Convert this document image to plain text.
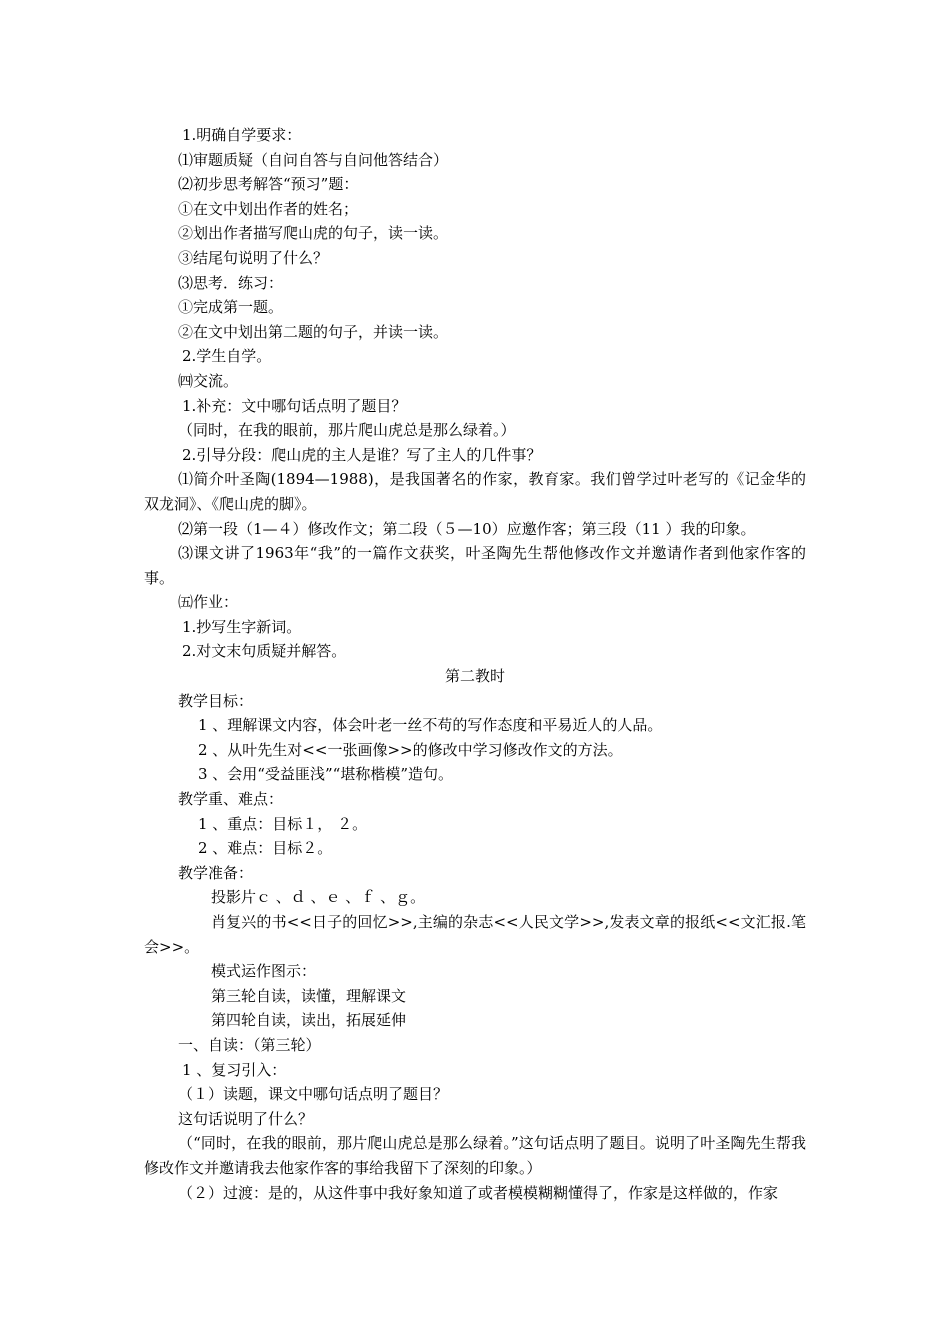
1.明确自学要求：
⑴审题质疑（自问自答与自问他答结合）
⑵初步思考解答“预习”题：
①在文中划出作者的姓名；
②划出作者描写爬山虎的句子，读一读。
③结尾句说明了什么？
⑶思考．练习：
①完成第一题。
②在文中划出第二题的句子，并读一读。
2.学生自学。
㈣交流。
1.补充：文中哪句话点明了题目？
（同时，在我的眼前，那片爬山虎总是那么绿着。）
2.引导分段：爬山虎的主人是谁？写了主人的几件事？
⑴简介叶圣陶(1894—1988)，是我国著名的作家，教育家。我们曾学过叶老写的《记金华的双龙洞》、《爬山虎的脚》。
⑵第一段（1—４）修改作文；第二段（５—10）应邀作客；第三段（11 ）我的印象。
⑶课文讲了1963年“我”的一篇作文获奖，叶圣陶先生帮他修改作文并邀请作者到他家作客的事。
㈤作业：
1.抄写生字新词。
2.对文末句质疑并解答。
第二教时
教学目标：
1 、理解课文内容，体会叶老一丝不苟的写作态度和平易近人的人品。
2 、从叶先生对<<一张画像>>的修改中学习修改作文的方法。
3 、会用“受益匪浅”“堪称楷模”造句。
教学重、难点：
1 、重点：目标１， ２。
2 、难点：目标２。
教学准备：
投影片ｃ 、ｄ 、ｅ 、ｆ 、ｇ。
肖复兴的书<<日子的回忆>>,主编的杂志<<人民文学>>,发表文章的报纸<<文汇报.笔会>>。
模式运作图示：
第三轮自读，读懂，理解课文
第四轮自读，读出，拓展延伸
一、自读：（第三轮）
1 、复习引入：
（１）读题，课文中哪句话点明了题目？
这句话说明了什么？
（“同时，在我的眼前，那片爬山虎总是那么绿着。”这句话点明了题目。说明了叶圣陶先生帮我修改作文并邀请我去他家作客的事给我留下了深刻的印象。）
（２）过渡：是的，从这件事中我好象知道了或者模模糊糊懂得了，作家是这样做的，作家
